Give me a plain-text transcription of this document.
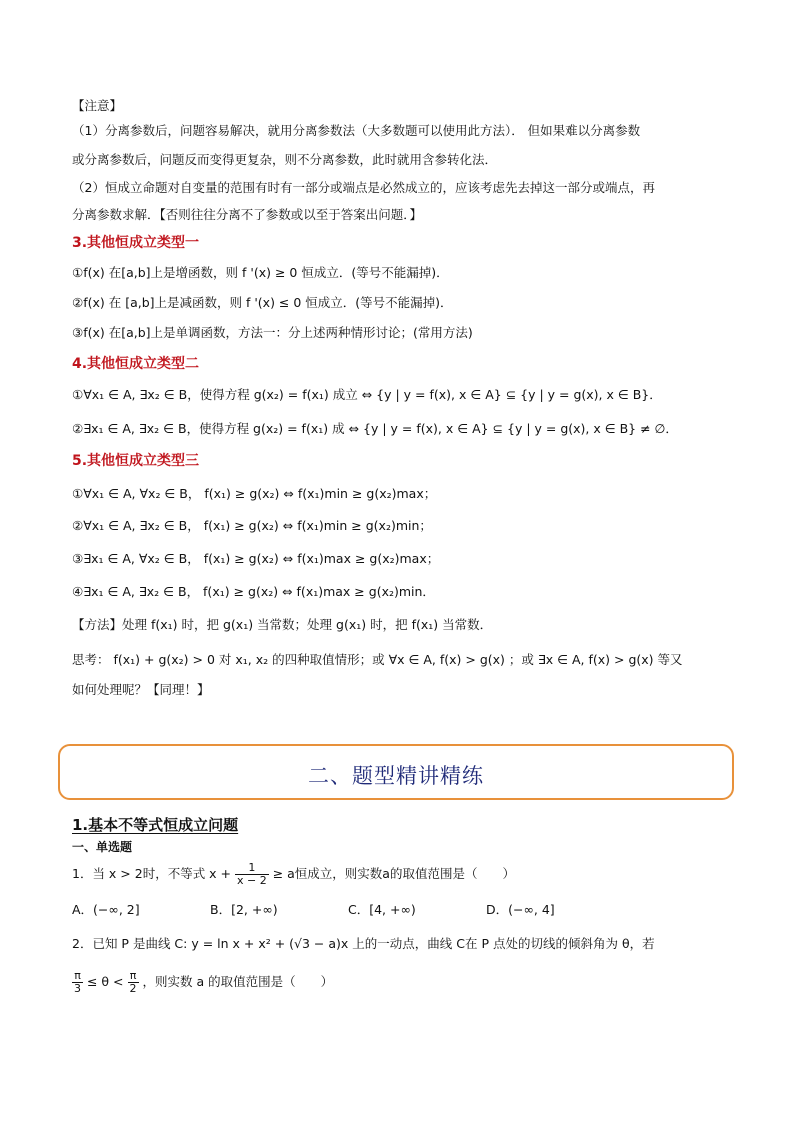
【注意】
（1）分离参数后，问题容易解决，就用分离参数法（大多数题可以使用此方法）． 但如果难以分离参数
或分离参数后，问题反而变得更复杂，则不分离参数，此时就用含参转化法．
（2）恒成立命题对自变量的范围有时有一部分或端点是必然成立的，应该考虑先去掉这一部分或端点，再
分离参数求解．【否则往往分离不了参数或以至于答案出问题．】
3.其他恒成立类型一
①f(x) 在[a,b]上是增函数，则 f '(x) ≥ 0 恒成立．(等号不能漏掉)．
②f(x) 在 [a,b]上是减函数，则 f '(x) ≤ 0 恒成立．(等号不能漏掉)．
③f(x) 在[a,b]上是单调函数，方法一：分上述两种情形讨论；(常用方法)
4.其他恒成立类型二
①∀x₁ ∈ A, ∃x₂ ∈ B，使得方程 g(x₂) = f(x₁) 成立 ⇔ {y | y = f(x), x ∈ A} ⊆ {y | y = g(x), x ∈ B}．
②∃x₁ ∈ A, ∃x₂ ∈ B，使得方程 g(x₂) = f(x₁) 成 ⇔ {y | y = f(x), x ∈ A} ⊆ {y | y = g(x), x ∈ B} ≠ ∅．
5.其他恒成立类型三
①∀x₁ ∈ A, ∀x₂ ∈ B， f(x₁) ≥ g(x₂) ⇔ f(x₁)min ≥ g(x₂)max；
②∀x₁ ∈ A, ∃x₂ ∈ B， f(x₁) ≥ g(x₂) ⇔ f(x₁)min ≥ g(x₂)min；
③∃x₁ ∈ A, ∀x₂ ∈ B， f(x₁) ≥ g(x₂) ⇔ f(x₁)max ≥ g(x₂)max；
④∃x₁ ∈ A, ∃x₂ ∈ B， f(x₁) ≥ g(x₂) ⇔ f(x₁)max ≥ g(x₂)min．
【方法】处理 f(x₁) 时，把 g(x₁) 当常数；处理 g(x₁) 时，把 f(x₁) 当常数．
思考： f(x₁) + g(x₂) > 0 对 x₁, x₂ 的四种取值情形；或 ∀x ∈ A, f(x) > g(x) ；或 ∃x ∈ A, f(x) > g(x) 等又
如何处理呢？【同理！】
二、题型精讲精练
1.基本不等式恒成立问题
一、单选题
1．当 x > 2时，不等式 $x + \frac{1}{x - 2} \ge a$恒成立，则实数a的取值范围是（　　）
A．(−∞, 2]	B．[2, +∞)	C．[4, +∞)	D．(−∞, 4]
2．已知 P 是曲线 C: y = ln x + x² + (√3 − a)x 上的一动点，曲线 C在 P 点处的切线的倾斜角为 θ，若
$\frac{\pi}{3} \le \theta < \frac{\pi}{2}$ ，则实数 a 的取值范围是（　　）
